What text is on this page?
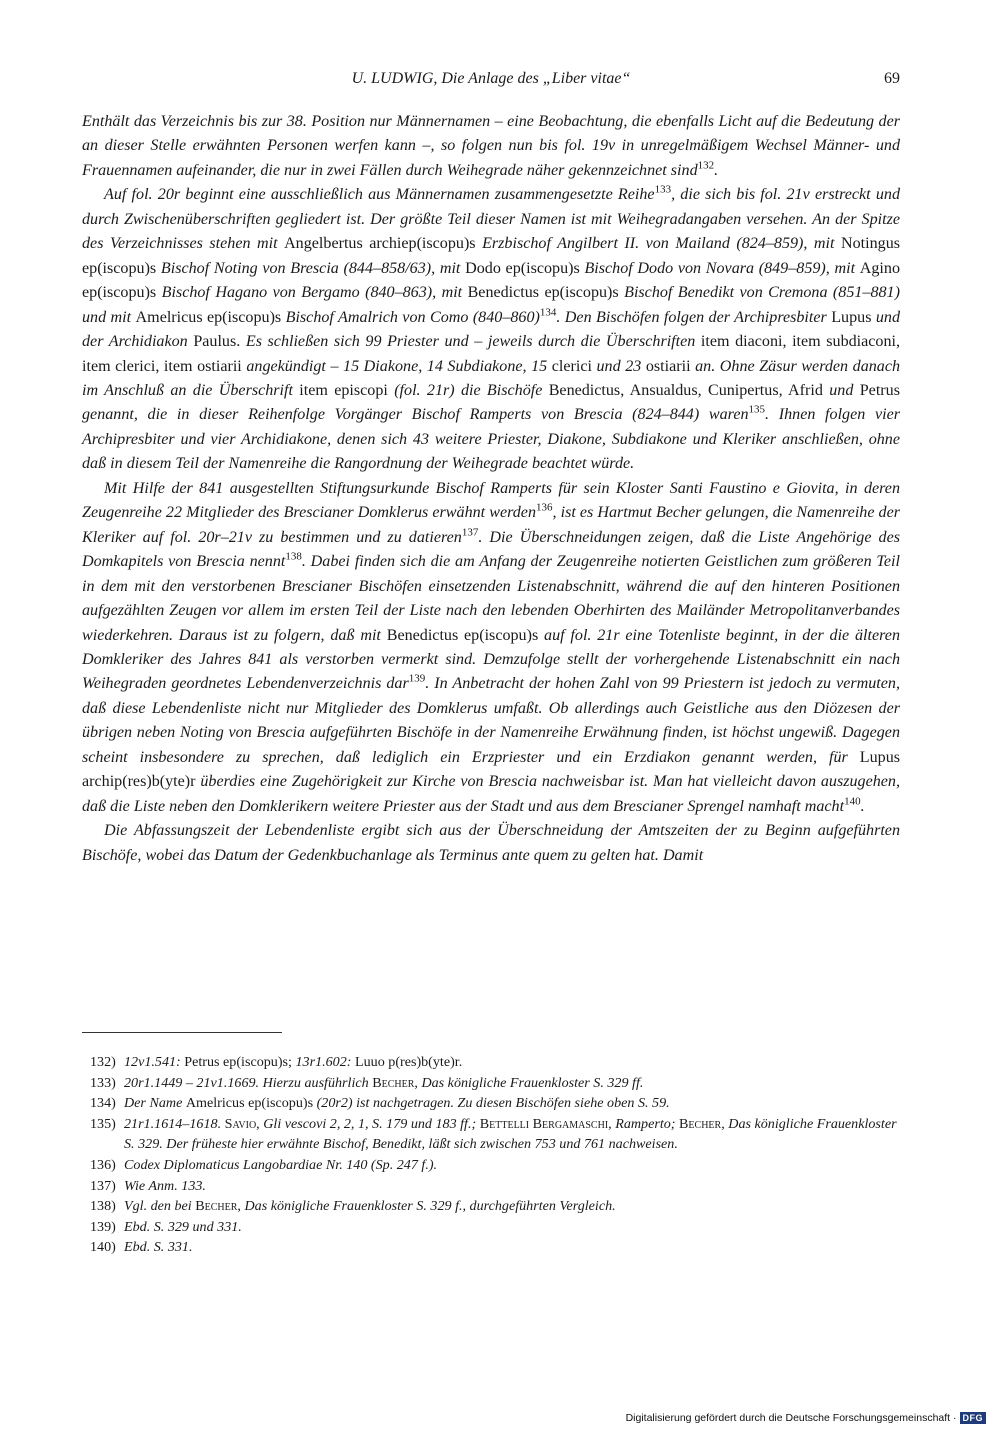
U. LUDWIG, Die Anlage des „Liber vitae“	69

Enthält das Verzeichnis bis zur 38. Position nur Männernamen – eine Beobachtung, die ebenfalls Licht auf die Bedeutung der an dieser Stelle erwähnten Personen werfen kann –, so folgen nun bis fol. 19v in unregelmäßigem Wechsel Männer- und Frauennamen aufeinander, die nur in zwei Fällen durch Weihegrade näher gekennzeichnet sind$^{132}$.

Auf fol. 20r beginnt eine ausschließlich aus Männernamen zusammengesetzte Reihe$^{133}$, die sich bis fol. 21v erstreckt und durch Zwischenüberschriften gegliedert ist. Der größte Teil dieser Namen ist mit Weihegradangaben versehen. An der Spitze des Verzeichnisses stehen mit Angelbertus archiep(iscopu)s Erzbischof Angilbert II. von Mailand (824–859), mit Notingus ep(iscopu)s Bischof Noting von Brescia (844–858/63), mit Dodo ep(iscopu)s Bischof Dodo von Novara (849–859), mit Agino ep(iscopu)s Bischof Hagano von Bergamo (840–863), mit Benedictus ep(iscopu)s Bischof Benedikt von Cremona (851–881) und mit Amelricus ep(iscopu)s Bischof Amalrich von Como $(840-860)^{134}$. Den Bischöfen folgen der Archipresbiter Lupus und der Archidiakon Paulus. Es schließen sich 99 Priester und – jeweils durch die Überschriften item diaconi, item subdiaconi, item clerici, item ostiarii angekündigt – 15 Diakone, 14 Subdiakone, 15 clerici und 23 ostiarii an. Ohne Zäsur werden danach im Anschluß an die Überschrift item episcopi (fol. 21r) die Bischöfe Benedictus, Ansualdus, Cunipertus, Afrid und Petrus genannt, die in dieser Reihenfolge Vorgänger Bischof Ramperts von Brescia (824–844) waren$^{135}$. Ihnen folgen vier Archipresbiter und vier Archidiakone, denen sich 43 weitere Priester, Diakone, Subdiakone und Kleriker anschließen, ohne daß in diesem Teil der Namenreihe die Rangordnung der Weihegrade beachtet würde.

Mit Hilfe der 841 ausgestellten Stiftungsurkunde Bischof Ramperts für sein Kloster Santi Faustino e Giovita, in deren Zeugenreihe 22 Mitglieder des Brescianer Domklerus erwähnt werden$^{136}$, ist es Hartmut Becher gelungen, die Namenreihe der Kleriker auf fol. 20r–21v zu bestimmen und zu datieren$^{137}$. Die Überschneidungen zeigen, daß die Liste Angehörige des Domkapitels von Brescia nennt$^{138}$. Dabei finden sich die am Anfang der Zeugenreihe notierten Geistlichen zum größeren Teil in dem mit den verstorbenen Brescianer Bischöfen einsetzenden Listenabschnitt, während die auf den hinteren Positionen aufgezählten Zeugen vor allem im ersten Teil der Liste nach den lebenden Oberhirten des Mailänder Metropolitanverbandes wiederkehren. Daraus ist zu folgern, daß mit Benedictus ep(iscopu)s auf fol. 21r eine Totenliste beginnt, in der die älteren Domkleriker des Jahres 841 als verstorben vermerkt sind. Demzufolge stellt der vorhergehende Listenabschnitt ein nach Weihegraden geordnetes Lebendenverzeichnis dar$^{139}$. In Anbetracht der hohen Zahl von 99 Priestern ist jedoch zu vermuten, daß diese Lebendenliste nicht nur Mitglieder des Domklerus umfaßt. Ob allerdings auch Geistliche aus den Diözesen der übrigen neben Noting von Brescia aufgeführten Bischöfe in der Namenreihe Erwähnung finden, ist höchst ungewiß. Dagegen scheint insbesondere zu sprechen, daß lediglich ein Erzpriester und ein Erzdiakon genannt werden, für Lupus archip(res)b(yte)r überdies eine Zugehörigkeit zur Kirche von Brescia nachweisbar ist. Man hat vielleicht davon auszugehen, daß die Liste neben den Domklerikern weitere Priester aus der Stadt und aus dem Brescianer Sprengel namhaft macht$^{140}$.

Die Abfassungszeit der Lebendenliste ergibt sich aus der Überschneidung der Amtszeiten der zu Beginn aufgeführten Bischöfe, wobei das Datum der Gedenkbuchanlage als Terminus ante quem zu gelten hat. Damit

132) 12v1.541: Petrus ep(iscopu)s; 13r1.602: Luuo p(res)b(yte)r.
133) 20r1.1449 – 21v1.1669. Hierzu ausführlich Becher, Das königliche Frauenkloster S. 329 ff.
134) Der Name Amelricus ep(iscopu)s (20r2) ist nachgetragen. Zu diesen Bischöfen siehe oben S. 59.
135) 21r1.1614–1618. Savio, Gli vescovi 2, 2, 1, S. 179 und 183 ff.; Bettelli Bergamaschi, Ramperto; Becher, Das königliche Frauenkloster S. 329. Der früheste hier erwähnte Bischof, Benedikt, läßt sich zwischen 753 und 761 nachweisen.
136) Codex Diplomaticus Langobardiae Nr. 140 (Sp. 247 f.).
137) Wie Anm. 133.
138) Vgl. den bei Becher, Das königliche Frauenkloster S. 329 f., durchgeführten Vergleich.
139) Ebd. S. 329 und 331.
140) Ebd. S. 331.
Digitalisierung gefördert durch die Deutsche Forschungsgemeinschaft · DFG
